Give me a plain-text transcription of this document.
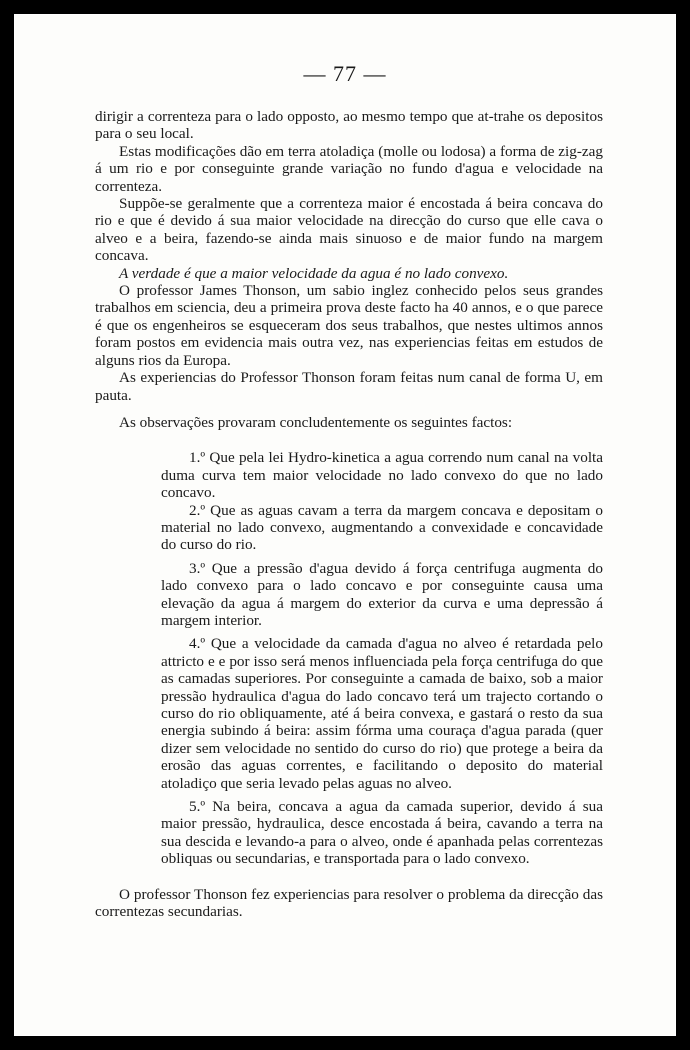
— 77 —

dirigir a correnteza para o lado opposto, ao mesmo tempo que at-trahe os depositos para o seu local.

Estas modificações dão em terra atoladiça (molle ou lodosa) a forma de zig-zag á um rio e por conseguinte grande variação no fundo d'agua e velocidade na correnteza.

Suppõe-se geralmente que a correnteza maior é encostada á beira concava do rio e que é devido á sua maior velocidade na direcção do curso que elle cava o alveo e a beira, fazendo-se ainda mais sinuoso e de maior fundo na margem concava.

A verdade é que a maior velocidade da agua é no lado convexo.

O professor James Thonson, um sabio inglez conhecido pelos seus grandes trabalhos em sciencia, deu a primeira prova deste facto ha 40 annos, e o que parece é que os engenheiros se esqueceram dos seus trabalhos, que nestes ultimos annos foram postos em evidencia mais outra vez, nas experiencias feitas em estudos de alguns rios da Europa.

As experiencias do Professor Thonson foram feitas num canal de forma U, em pauta.

As observações provaram concludentemente os seguintes factos:

1.º Que pela lei Hydro-kinetica a agua correndo num canal na volta duma curva tem maior velocidade no lado convexo do que no lado concavo.

2.º Que as aguas cavam a terra da margem concava e depositam o material no lado convexo, augmentando a convexidade e concavidade do curso do rio.

3.º Que a pressão d'agua devido á força centrifuga augmenta do lado convexo para o lado concavo e por conseguinte causa uma elevação da agua á margem do exterior da curva e uma depressão á margem interior.

4.º Que a velocidade da camada d'agua no alveo é retardada pelo attricto e e por isso será menos influenciada pela força centrifuga do que as camadas superiores. Por conseguinte a camada de baixo, sob a maior pressão hydraulica d'agua do lado concavo terá um trajecto cortando o curso do rio obliquamente, até á beira convexa, e gastará o resto da sua energia subindo á beira: assim fórma uma couraça d'agua parada (quer dizer sem velocidade no sentido do curso do rio) que protege a beira da erosão das aguas correntes, e facilitando o deposito do material atoladiço que seria levado pelas aguas no alveo.

5.º Na beira, concava a agua da camada superior, devido á sua maior pressão, hydraulica, desce encostada á beira, cavando a terra na sua descida e levando-a para o alveo, onde é apanhada pelas correntezas obliquas ou secundarias, e transportada para o lado convexo.

O professor Thonson fez experiencias para resolver o problema da direcção das correntezas secundarias.
